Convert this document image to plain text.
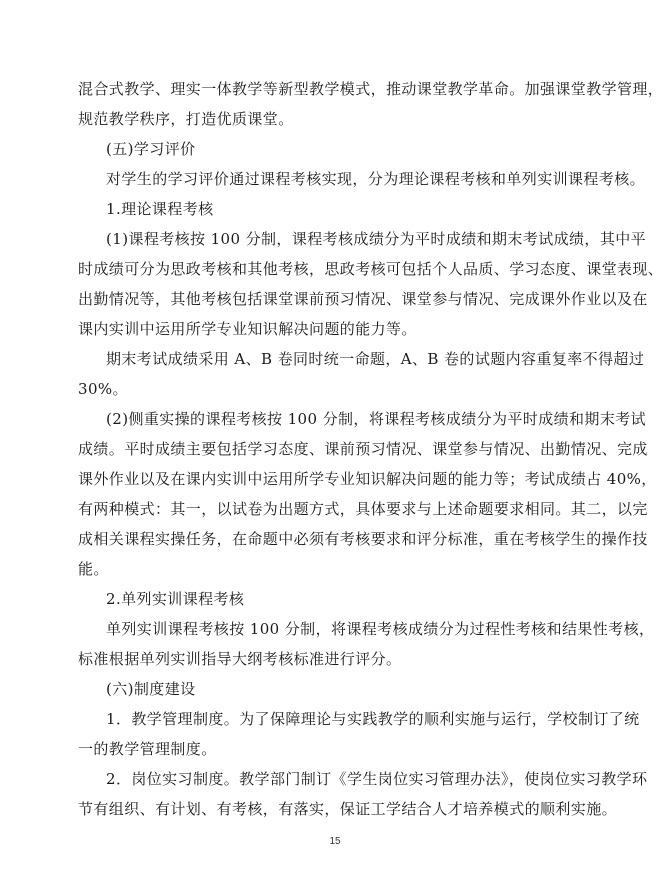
混合式教学、理实一体教学等新型教学模式，推动课堂教学革命。加强课堂教学管理，
规范教学秩序，打造优质课堂。
(五)学习评价
对学生的学习评价通过课程考核实现，分为理论课程考核和单列实训课程考核。
1.理论课程考核
(1)课程考核按 100 分制，课程考核成绩分为平时成绩和期末考试成绩，其中平
时成绩可分为思政考核和其他考核，思政考核可包括个人品质、学习态度、课堂表现、
出勤情况等，其他考核包括课堂课前预习情况、课堂参与情况、完成课外作业以及在
课内实训中运用所学专业知识解决问题的能力等。
期末考试成绩采用 A、B 卷同时统一命题，A、B 卷的试题内容重复率不得超过
30%。
(2)侧重实操的课程考核按 100 分制，将课程考核成绩分为平时成绩和期末考试
成绩。平时成绩主要包括学习态度、课前预习情况、课堂参与情况、出勤情况、完成
课外作业以及在课内实训中运用所学专业知识解决问题的能力等；考试成绩占 40%，
有两种模式：其一，以试卷为出题方式，具体要求与上述命题要求相同。其二，以完
成相关课程实操任务，在命题中必须有考核要求和评分标准，重在考核学生的操作技
能。
2.单列实训课程考核
单列实训课程考核按 100 分制，将课程考核成绩分为过程性考核和结果性考核，
标准根据单列实训指导大纲考核标准进行评分。
(六)制度建设
1．教学管理制度。为了保障理论与实践教学的顺利实施与运行，学校制订了统
一的教学管理制度。
2．岗位实习制度。教学部门制订《学生岗位实习管理办法》，使岗位实习教学环
节有组织、有计划、有考核，有落实，保证工学结合人才培养模式的顺利实施。
15
